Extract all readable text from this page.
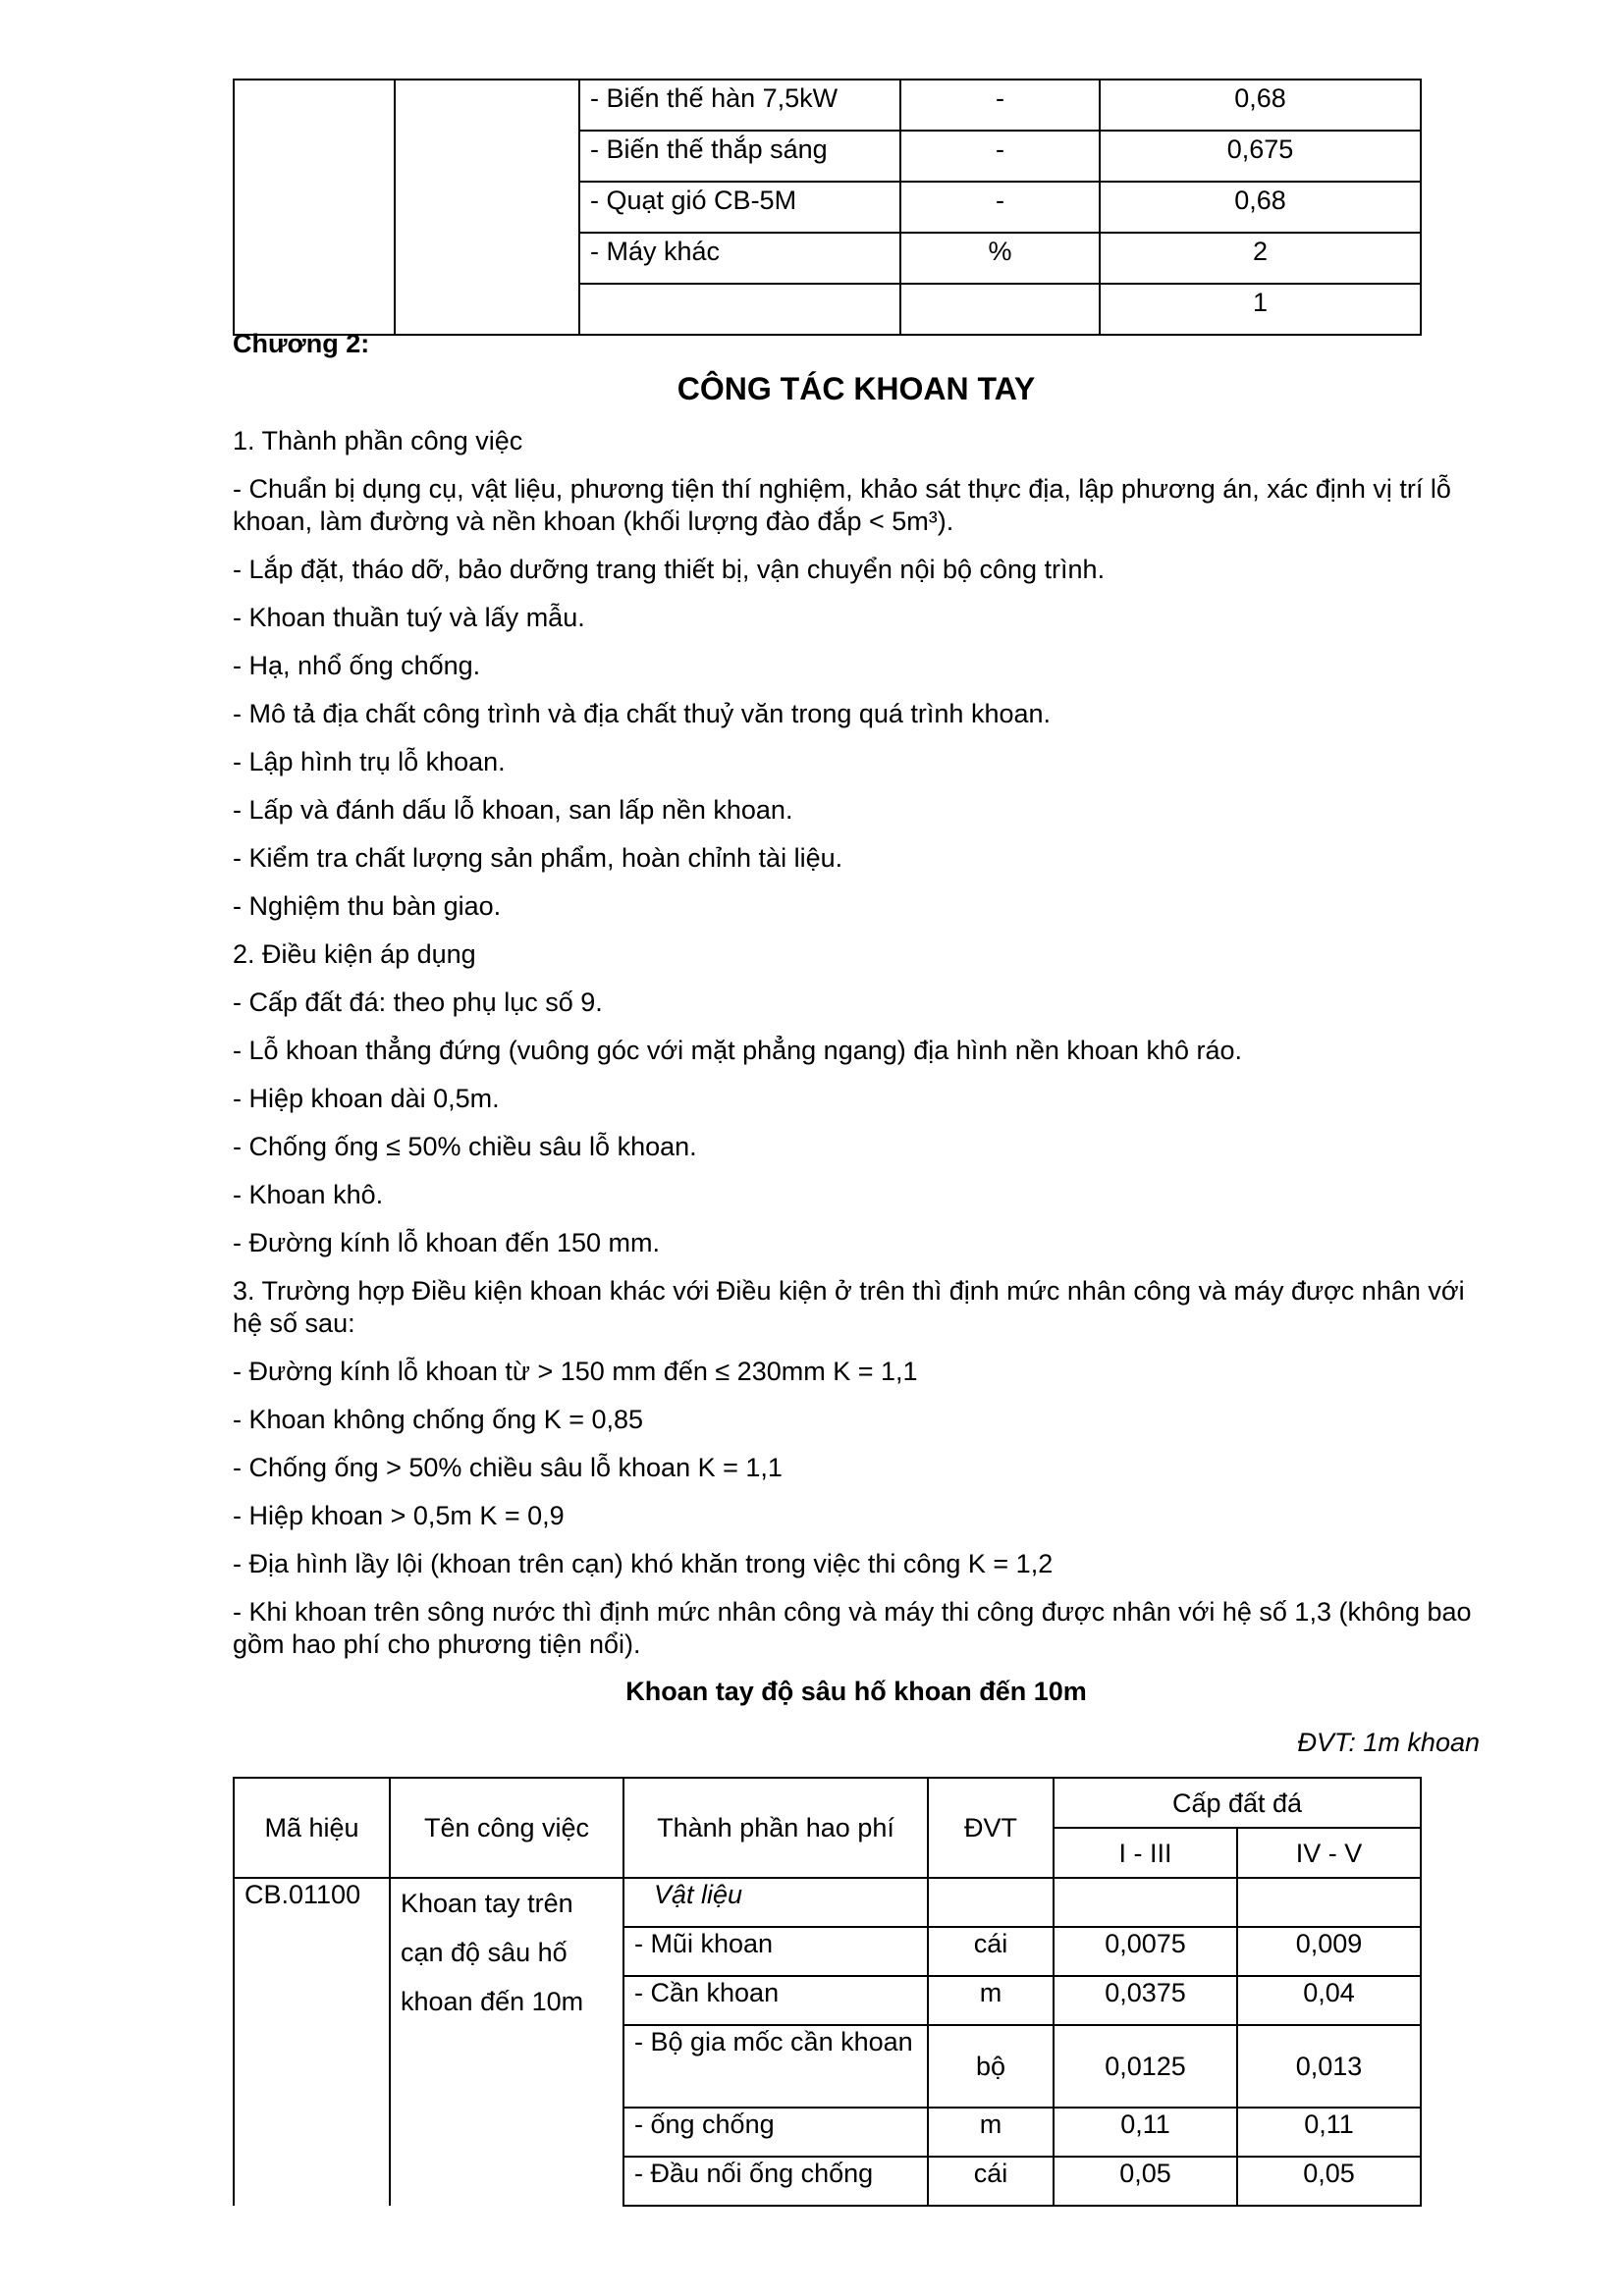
		- Biến thế hàn 7,5kW	-	0,68
		- Biến thế thắp sáng	-	0,675
		- Quạt gió CB-5M	-	0,68
		- Máy khác	%	2
				1
Chương 2:
CÔNG TÁC KHOAN TAY

1. Thành phần công việc

- Chuẩn bị dụng cụ, vật liệu, phương tiện thí nghiệm, khảo sát thực địa, lập phương án, xác định vị trí lỗ khoan, làm đường và nền khoan (khối lượng đào đắp < 5m³).

- Lắp đặt, tháo dỡ, bảo dưỡng trang thiết bị, vận chuyển nội bộ công trình.

- Khoan thuần tuý và lấy mẫu.

- Hạ, nhổ ống chống.

- Mô tả địa chất công trình và địa chất thuỷ văn trong quá trình khoan.

- Lập hình trụ lỗ khoan.

- Lấp và đánh dấu lỗ khoan, san lấp nền khoan.

- Kiểm tra chất lượng sản phẩm, hoàn chỉnh tài liệu.

- Nghiệm thu bàn giao.

2. Điều kiện áp dụng

- Cấp đất đá: theo phụ lục số 9.

- Lỗ khoan thẳng đứng (vuông góc với mặt phẳng ngang) địa hình nền khoan khô ráo.

- Hiệp khoan dài 0,5m.

- Chống ống ≤ 50% chiều sâu lỗ khoan.

- Khoan khô.

- Đường kính lỗ khoan đến 150 mm.

3. Trường hợp Điều kiện khoan khác với Điều kiện ở trên thì định mức nhân công và máy được nhân với hệ số sau:

- Đường kính lỗ khoan từ > 150 mm đến ≤ 230mm K = 1,1

- Khoan không chống ống K = 0,85

- Chống ống > 50% chiều sâu lỗ khoan K = 1,1

- Hiệp khoan > 0,5m K = 0,9

- Địa hình lầy lội (khoan trên cạn) khó khăn trong việc thi công K = 1,2

- Khi khoan trên sông nước thì định mức nhân công và máy thi công được nhân với hệ số 1,3 (không bao gồm hao phí cho phương tiện nổi).

Khoan tay độ sâu hố khoan đến 10m
ĐVT: 1m khoan
Mã hiệu	Tên công việc	Thành phần hao phí	ĐVT	Cấp đất đá	
				I - III	IV - V
CB.01100	Khoan tay trên cạn độ sâu hố khoan đến 10m	Vật liệu			
		- Mũi khoan	cái	0,0075	0,009
		- Cần khoan	m	0,0375	0,04
		- Bộ gia mốc cần khoan	bộ	0,0125	0,013
		- ống chống	m	0,11	0,11
		- Đầu nối ống chống	cái	0,05	0,05
